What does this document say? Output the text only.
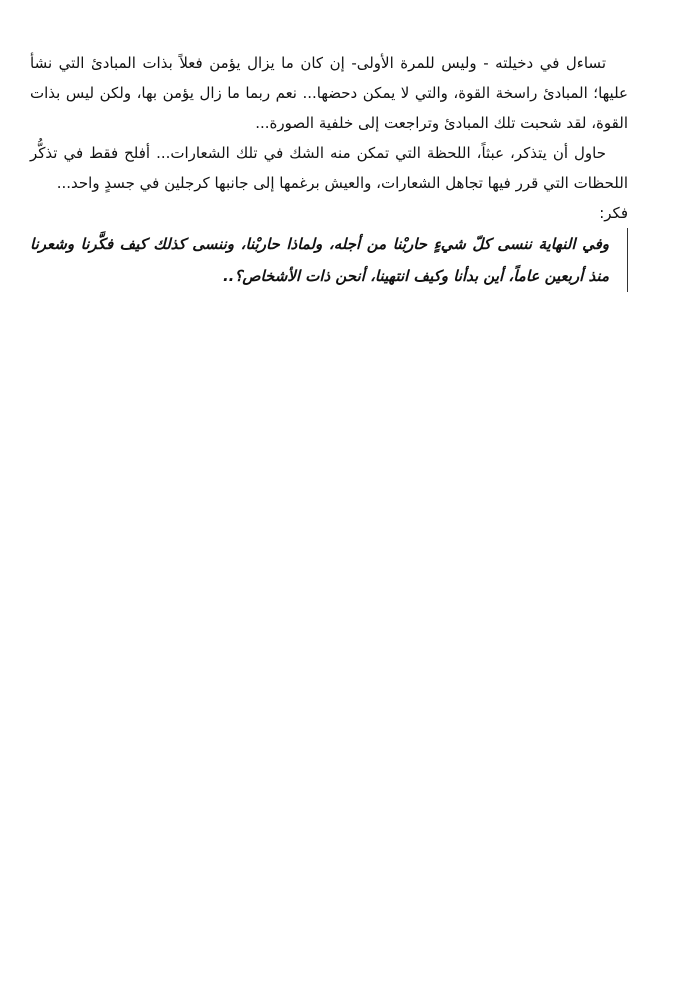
تساءل في دخيلته - وليس للمرة الأولى- إن كان ما يزال يؤمن فعلاً بذات المبادئ التي نشأ عليها؛ المبادئ راسخة القوة، والتي لا يمكن دحضها... نعم ربما ما زال يؤمن بها، ولكن ليس بذات القوة، لقد شحبت تلك المبادئ وتراجعت إلى خلفية الصورة...

حاول أن يتذكر، عبثاً، اللحظة التي تمكن منه الشك في تلك الشعارات... أفلح فقط في تذكُّر اللحظات التي قرر فيها تجاهل الشعارات، والعيش برغمها إلى جانبها كرجلين في جسدٍ واحد...

فكر:

وفي النهاية ننسى كلّ شيءٍ حاربْنا من أجله، ولماذا حاربْنا، وننسى كذلك كيف فكَّرنا وشعرنا منذ أربعين عاماً، أين بدأنا وكيف انتهينا، أنحن ذات الأشخاص؟..
